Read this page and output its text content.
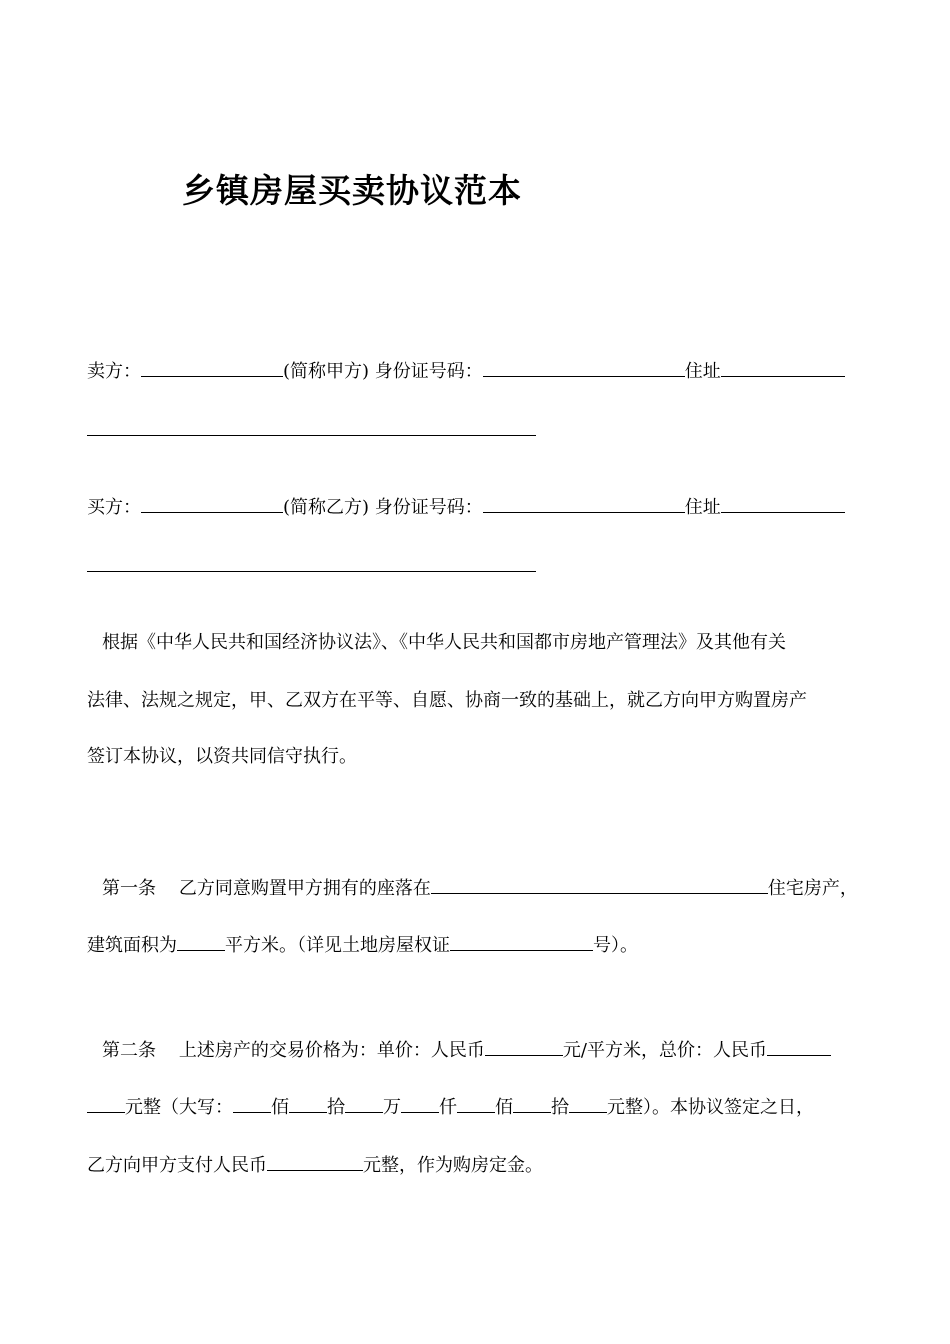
乡镇房屋买卖协议范本
卖方：	(简称甲方) 身份证号码：	住址
买方：	(简称乙方) 身份证号码：	住址
根据《中华人民共和国经济协议法》、《中华人民共和国都市房地产管理法》及其他有关
法律、法规之规定，甲、乙双方在平等、自愿、协商一致的基础上，就乙方向甲方购置房产
签订本协议，以资共同信守执行。
第一条 乙方同意购置甲方拥有的座落在	住宅房产，
建筑面积为	平方米。（详见土地房屋权证	号）。
第二条 上述房产的交易价格为：单价：人民币	元/平方米，总价：人民币
元整（大写： 佰 拾 万 仟 佰 拾 元整）。本协议签定之日，
乙方向甲方支付人民币	元整，作为购房定金。
